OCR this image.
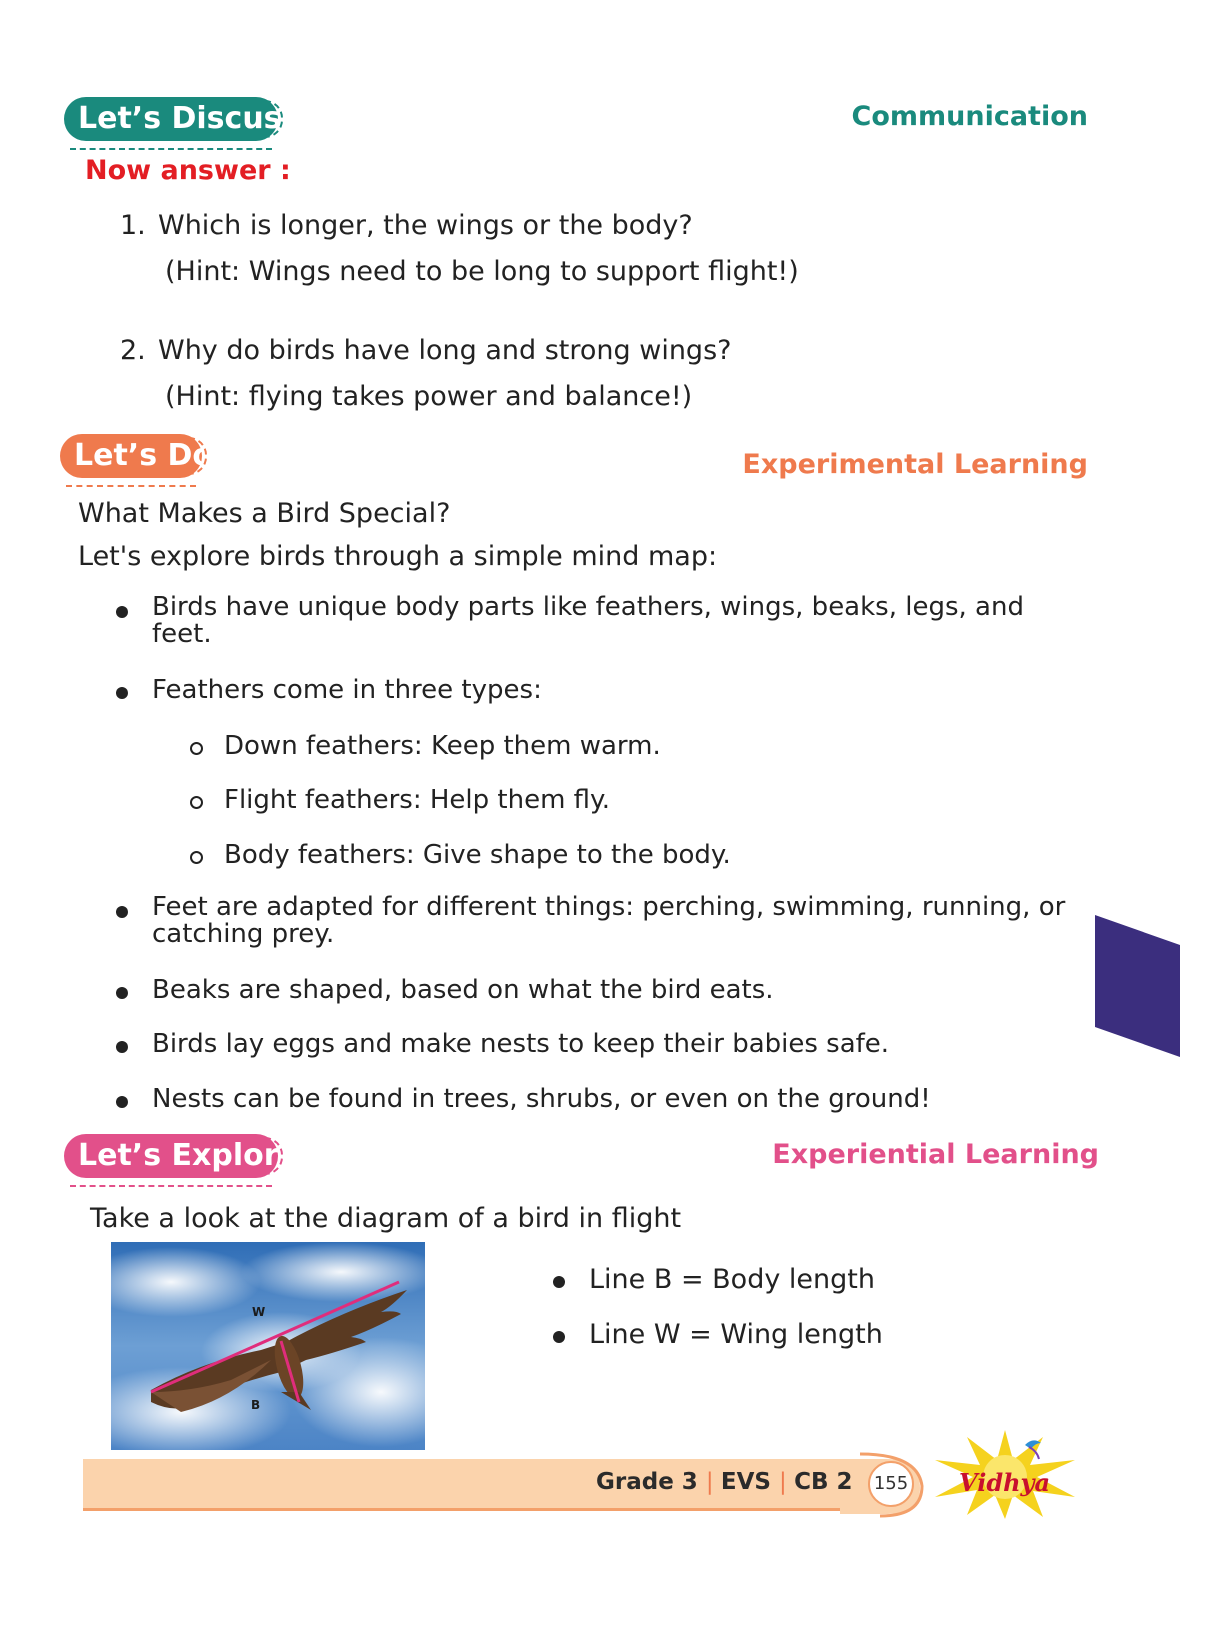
Let’s Discuss	Communication
Now answer :
1. Which is longer, the wings or the body?
(Hint: Wings need to be long to support flight!)
2. Why do birds have long and strong wings?
(Hint: flying takes power and balance!)
Let’s Do	Experimental Learning
What Makes a Bird Special?
Let's explore birds through a simple mind map:
Birds have unique body parts like feathers, wings, beaks, legs, and feet.
Feathers come in three types:
Down feathers: Keep them warm.
Flight feathers: Help them fly.
Body feathers: Give shape to the body.
Feet are adapted for different things: perching, swimming, running, or catching prey.
Beaks are shaped, based on what the bird eats.
Birds lay eggs and make nests to keep their babies safe.
Nests can be found in trees, shrubs, or even on the ground!
Let’s Explore	Experiential Learning
Take a look at the diagram of a bird in flight
W
B
Line B = Body length
Line W = Wing length
Grade 3 | EVS | CB 2	155 Vidhya
